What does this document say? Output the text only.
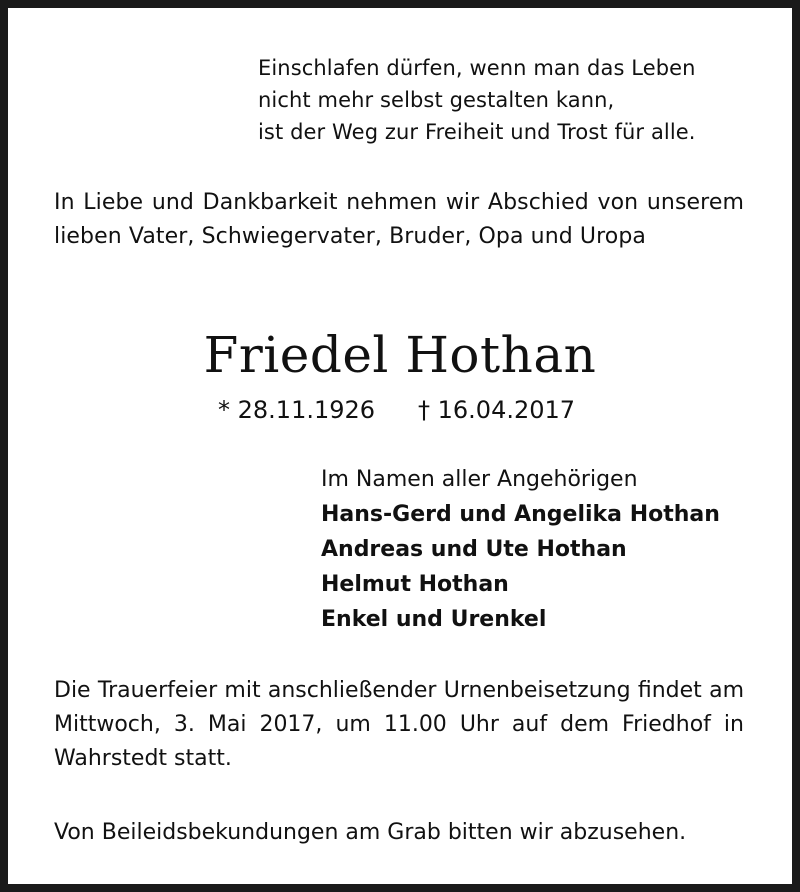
Einschlafen dürfen, wenn man das Leben
nicht mehr selbst gestalten kann,
ist der Weg zur Freiheit und Trost für alle.
In Liebe und Dankbarkeit nehmen wir Abschied von unserem lieben Vater, Schwiegervater, Bruder, Opa und Uropa
Friedel Hothan
* 28.11.1926 † 16.04.2017
Im Namen aller Angehörigen
Hans-Gerd und Angelika Hothan
Andreas und Ute Hothan
Helmut Hothan
Enkel und Urenkel
Die Trauerfeier mit anschließender Urnenbeisetzung findet am Mittwoch, 3. Mai 2017, um 11.00 Uhr auf dem Friedhof in Wahrstedt statt.
Von Beileidsbekundungen am Grab bitten wir abzusehen.
